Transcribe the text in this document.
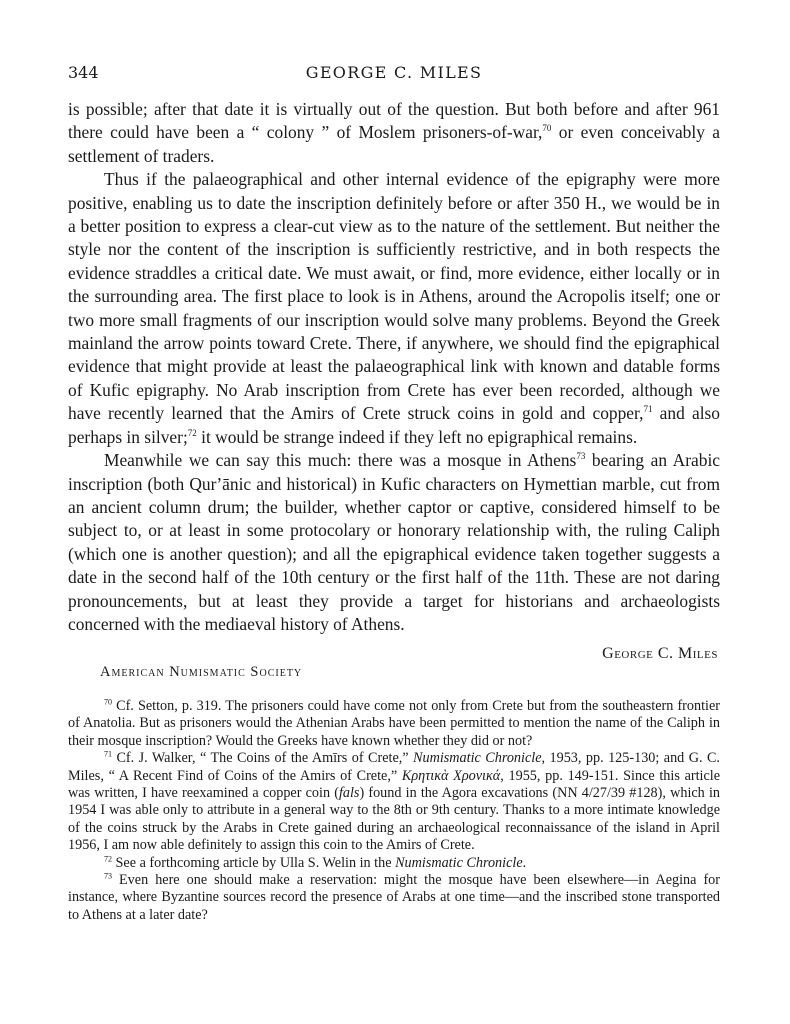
344	GEORGE C. MILES

is possible; after that date it is virtually out of the question. But both before and after 961 there could have been a “ colony ” of Moslem prisoners-of-war,$^{70}$ or even conceivably a settlement of traders.

Thus if the palaeographical and other internal evidence of the epigraphy were more positive, enabling us to date the inscription definitely before or after 350 H., we would be in a better position to express a clear-cut view as to the nature of the settlement. But neither the style nor the content of the inscription is sufficiently restrictive, and in both respects the evidence straddles a critical date. We must await, or find, more evidence, either locally or in the surrounding area. The first place to look is in Athens, around the Acropolis itself; one or two more small fragments of our inscription would solve many problems. Beyond the Greek mainland the arrow points toward Crete. There, if anywhere, we should find the epigraphical evidence that might provide at least the palaeographical link with known and datable forms of Kufic epigraphy. No Arab inscription from Crete has ever been recorded, although we have recently learned that the Amirs of Crete struck coins in gold and copper,$^{71}$ and also perhaps in silver;$^{72}$ it would be strange indeed if they left no epigraphical remains.

Meanwhile we can say this much: there was a mosque in Athens$^{73}$ bearing an Arabic inscription (both Qurʼānic and historical) in Kufic characters on Hymettian marble, cut from an ancient column drum; the builder, whether captor or captive, considered himself to be subject to, or at least in some protocolary or honorary relationship with, the ruling Caliph (which one is another question); and all the epigraphical evidence taken together suggests a date in the second half of the 10th century or the first half of the 11th. These are not daring pronouncements, but at least they provide a target for historians and archaeologists concerned with the mediaeval history of Athens.

George C. Miles
American Numismatic Society

$^{70}$ Cf. Setton, p. 319. The prisoners could have come not only from Crete but from the southeastern frontier of Anatolia. But as prisoners would the Athenian Arabs have been permitted to mention the name of the Caliph in their mosque inscription? Would the Greeks have known whether they did or not?

$^{71}$ Cf. J. Walker, “ The Coins of the Amīrs of Crete,” Numismatic Chronicle, 1953, pp. 125-130; and G. C. Miles, “ A Recent Find of Coins of the Amirs of Crete,” Κρητικὰ Χρονικά, 1955, pp. 149-151. Since this article was written, I have reexamined a copper coin (fals) found in the Agora excavations (NN 4/27/39 #128), which in 1954 I was able only to attribute in a general way to the 8th or 9th century. Thanks to a more intimate knowledge of the coins struck by the Arabs in Crete gained during an archaeological reconnaissance of the island in April 1956, I am now able definitely to assign this coin to the Amirs of Crete.

$^{72}$ See a forthcoming article by Ulla S. Welin in the Numismatic Chronicle.

$^{73}$ Even here one should make a reservation: might the mosque have been elsewhere—in Aegina for instance, where Byzantine sources record the presence of Arabs at one time—and the inscribed stone transported to Athens at a later date?
